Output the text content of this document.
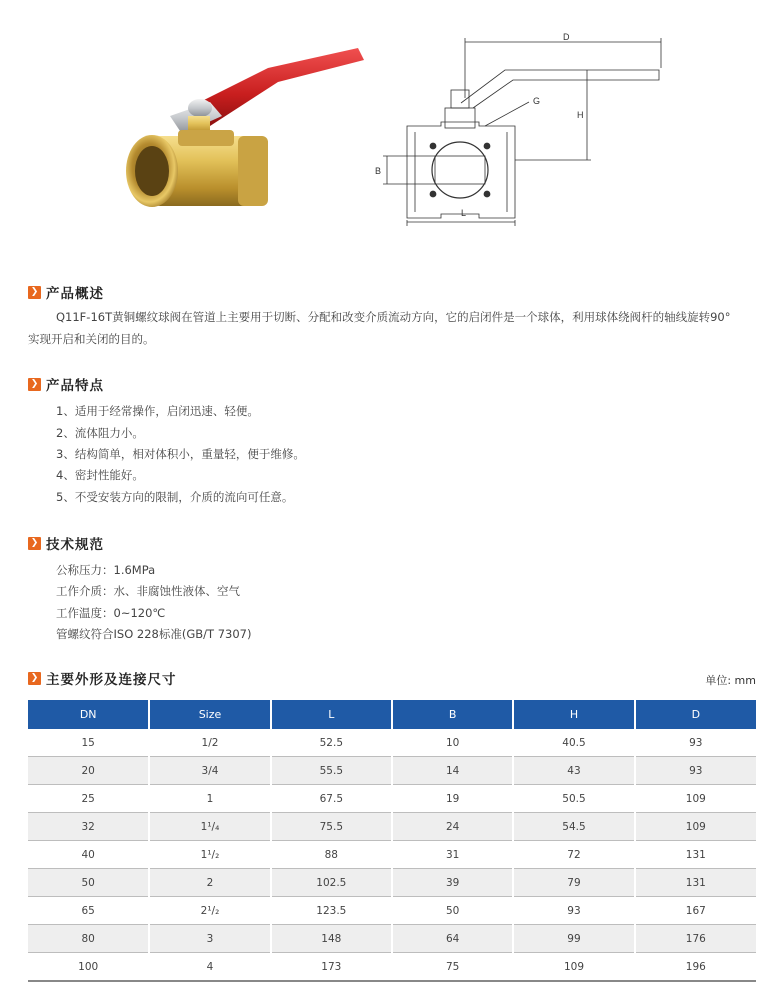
D
H
G
B
L
❯ 产品概述
Q11F-16T黄铜螺纹球阀在管道上主要用于切断、分配和改变介质流动方向，它的启闭件是一个球体，利用球体绕阀杆的轴线旋转90°
实现开启和关闭的目的。
❯ 产品特点
1、适用于经常操作，启闭迅速、轻便。
2、流体阻力小。
3、结构简单，相对体积小，重量轻，便于维修。
4、密封性能好。
5、不受安装方向的限制，介质的流向可任意。
❯ 技术规范
公称压力：1.6MPa
工作介质：水、非腐蚀性液体、空气
工作温度：0~120℃
管螺纹符合ISO 228标准(GB/T 7307)
❯ 主要外形及连接尺寸	单位: mm
DN	Size	L	B	H	D
15	1/2	52.5	10	40.5	93
20	3/4	55.5	14	43	93
25	1	67.5	19	50.5	109
32	1¹/₄	75.5	24	54.5	109
40	1¹/₂	88	31	72	131
50	2	102.5	39	79	131
65	2¹/₂	123.5	50	93	167
80	3	148	64	99	176
100	4	173	75	109	196
